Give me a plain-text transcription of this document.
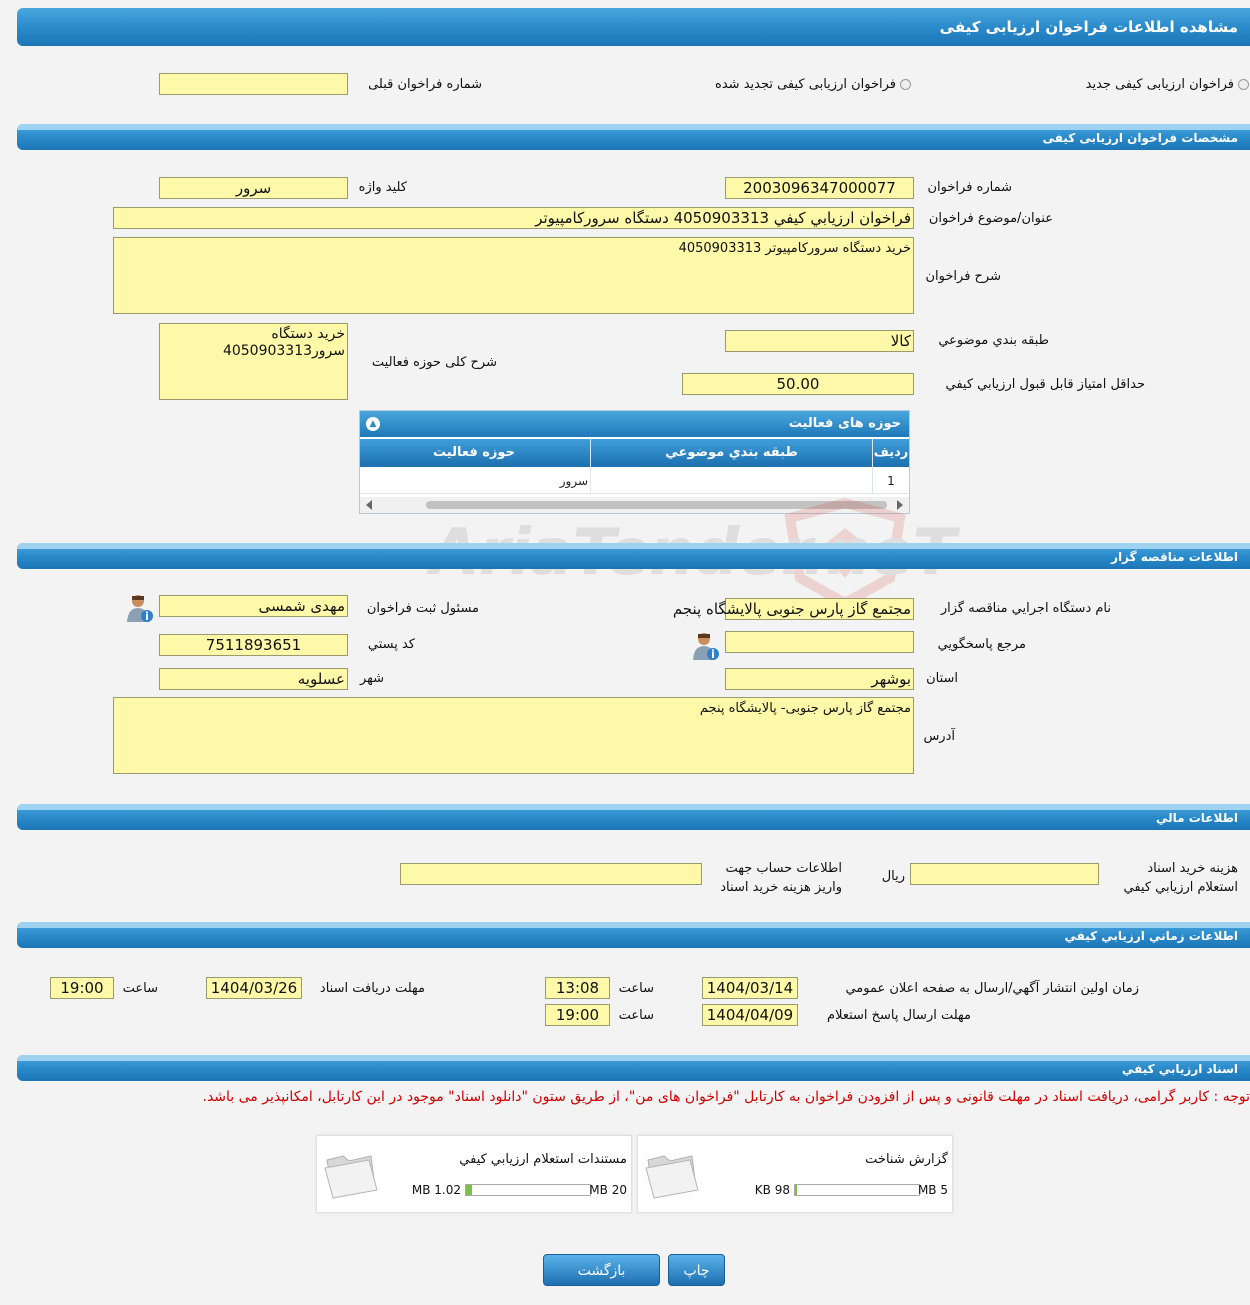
مشاهده اطلاعات فراخوان ارزیابی کیفی
فراخوان ارزیابی کیفی جدید
فراخوان ارزیابی کیفی تجدید شده
شماره فراخوان قبلی
مشخصات فراخوان ارزیابی کیفی
شماره فراخوان
2003096347000077
کلید واژه
سرور
عنوان/موضوع فراخوان
فراخوان ارزيابي کيفي 4050903313 دستگاه سرورکامپیوتر
شرح فراخوان
خرید دستگاه سرورکامپیوتر 4050903313
طبقه بندي موضوعي
کالا
شرح کلی حوزه فعالیت
خرید دستگاه سرور4050903313
حداقل امتياز قابل قبول ارزيابي کيفي
50.00
حوزه های فعالیت
▲
رديف
طبقه بندي موضوعي
حوزه فعاليت
1
سرور
اطلاعات مناقصه گزار
نام دستگاه اجرايي مناقصه گزار
مجتمع گاز پارس جنوبی پالایشگاه پنجم
مسئول ثبت فراخوان
مهدی شمسی
مرجع پاسخگويي
کد پستي
7511893651
استان
بوشهر
شهر
عسلویه
آدرس
مجتمع گاز پارس جنوبی- پالایشگاه پنجم
اطلاعات مالي
هزينه خريد اسناد
استعلام ارزيابي کيفي
ريال
اطلاعات حساب جهت
واريز هزينه خريد اسناد
اطلاعات زماني ارزيابي کيفي
زمان اولين انتشار آگهي/ارسال به صفحه اعلان عمومي
1404/03/14
ساعت
13:08
مهلت دريافت اسناد
1404/03/26
ساعت
19:00
مهلت ارسال پاسخ استعلام
1404/04/09
ساعت
19:00
اسناد ارزيابي کيفي
توجه : کاربر گرامی، دریافت اسناد در مهلت قانونی و پس از افزودن فراخوان به کارتابل "فراخوان های من"، از طریق ستون "دانلود اسناد" موجود در این کارتابل، امکانپذیر می باشد.
گزارش شناخت
98 KB	5 MB
مستندات استعلام ارزيابي کيفي
1.02 MB	20 MB
چاپ
بازگشت
